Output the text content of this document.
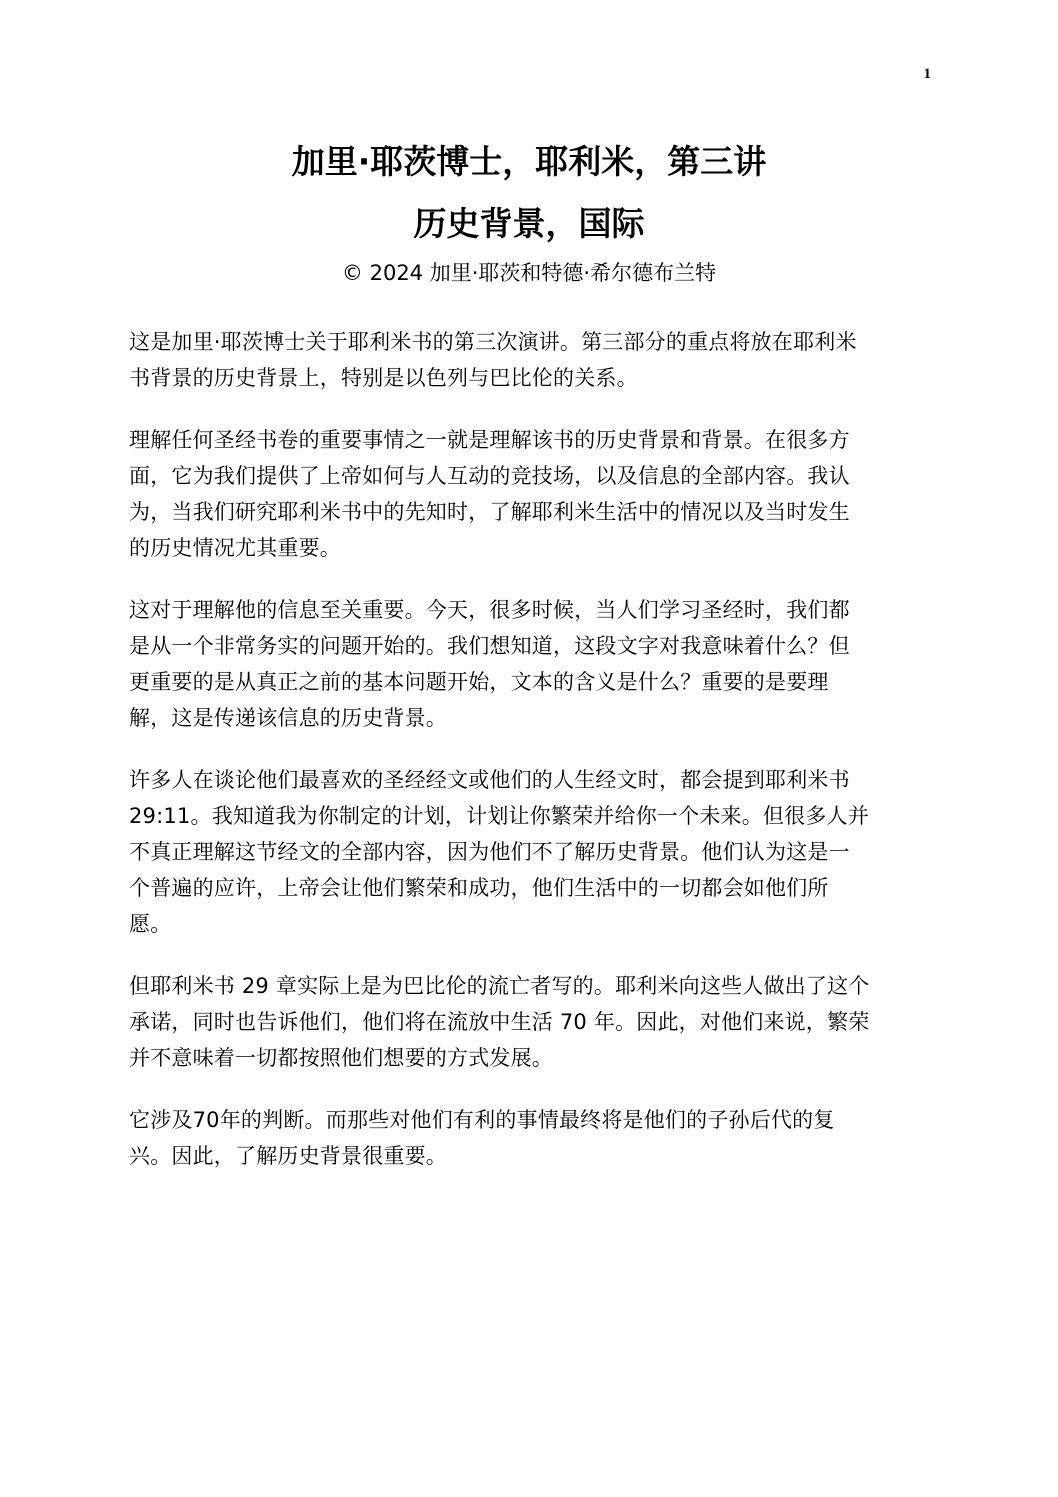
1
加里·耶茨博士，耶利米，第三讲
历史背景，国际
© 2024 加里·耶茨和特德·希尔德布兰特

这是加里·耶茨博士关于耶利米书的第三次演讲。第三部分的重点将放在耶利米
书背景的历史背景上，特别是以色列与巴比伦的关系。

理解任何圣经书卷的重要事情之一就是理解该书的历史背景和背景。在很多方
面，它为我们提供了上帝如何与人互动的竞技场，以及信息的全部内容。我认
为，当我们研究耶利米书中的先知时，了解耶利米生活中的情况以及当时发生
的历史情况尤其重要。

这对于理解他的信息至关重要。今天，很多时候，当人们学习圣经时，我们都
是从一个非常务实的问题开始的。我们想知道，这段文字对我意味着什么？但
更重要的是从真正之前的基本问题开始，文本的含义是什么？重要的是要理
解，这是传递该信息的历史背景。

许多人在谈论他们最喜欢的圣经经文或他们的人生经文时，都会提到耶利米书
29:11。我知道我为你制定的计划，计划让你繁荣并给你一个未来。但很多人并
不真正理解这节经文的全部内容，因为他们不了解历史背景。他们认为这是一
个普遍的应许，上帝会让他们繁荣和成功，他们生活中的一切都会如他们所
愿。

但耶利米书 29 章实际上是为巴比伦的流亡者写的。耶利米向这些人做出了这个
承诺，同时也告诉他们，他们将在流放中生活 70 年。因此，对他们来说，繁荣
并不意味着一切都按照他们想要的方式发展。

它涉及70年的判断。而那些对他们有利的事情最终将是他们的子孙后代的复
兴。因此，了解历史背景很重要。
